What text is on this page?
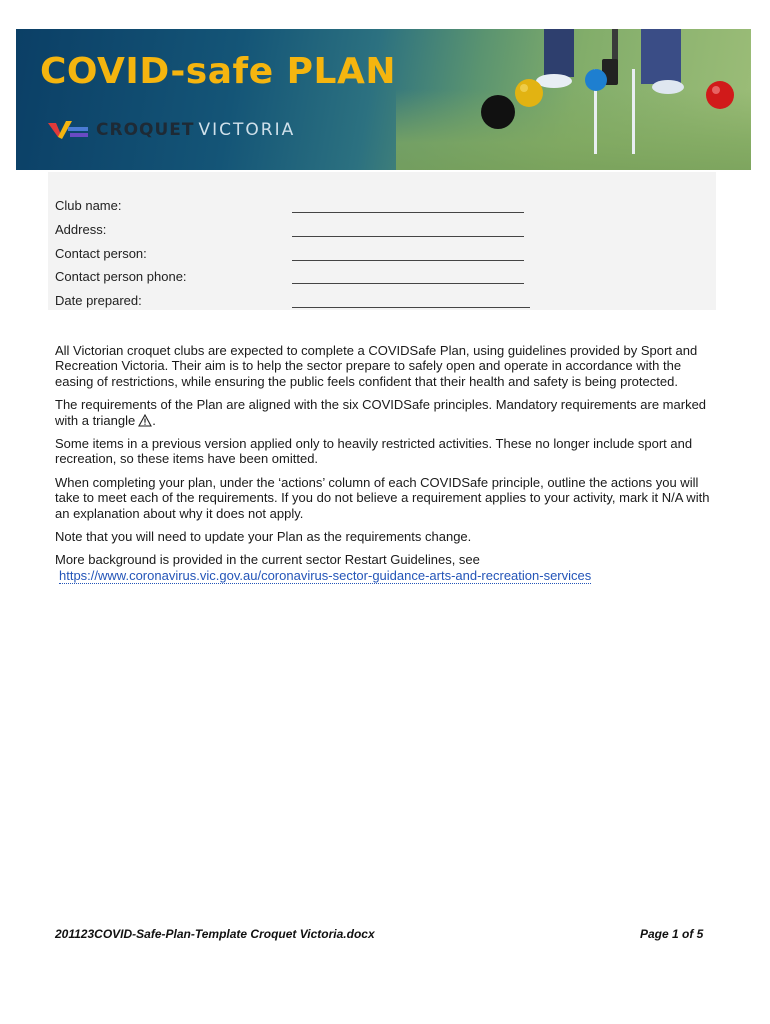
COVID-safe PLAN
CROQUET VICTORIA
Club name:
Address:
Contact person:
Contact person phone:
Date prepared:

All Victorian croquet clubs are expected to complete a COVIDSafe Plan, using guidelines provided by Sport and Recreation Victoria. Their aim is to help the sector prepare to safely open and operate in accordance with the easing of restrictions, while ensuring the public feels confident that their health and safety is being protected.

The requirements of the Plan are aligned with the six COVIDSafe principles. Mandatory requirements are marked with a triangle .

Some items in a previous version applied only to heavily restricted activities. These no longer include sport and recreation, so these items have been omitted.

When completing your plan, under the ‘actions’ column of each COVIDSafe principle, outline the actions you will take to meet each of the requirements. If you do not believe a requirement applies to your activity, mark it N/A with an explanation about why it does not apply.

Note that you will need to update your Plan as the requirements change.

More background is provided in the current sector Restart Guidelines, see
https://www.coronavirus.vic.gov.au/coronavirus-sector-guidance-arts-and-recreation-services

201123COVID-Safe-Plan-Template Croquet Victoria.docx	Page 1 of 5
